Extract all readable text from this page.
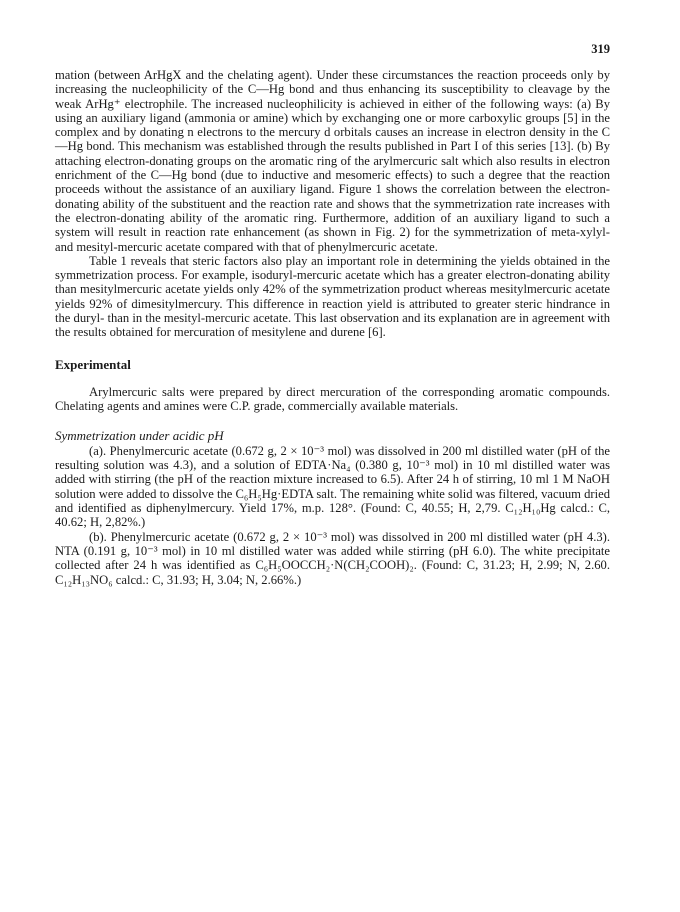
319

mation (between ArHgX and the chelating agent). Under these circumstances the reaction proceeds only by increasing the nucleophilicity of the C—Hg bond and thus enhancing its susceptibility to cleavage by the weak ArHg⁺ electrophile. The increased nucleophilicity is achieved in either of the following ways: (a) By using an auxiliary ligand (ammonia or amine) which by exchanging one or more carboxylic groups [5] in the complex and by donating n electrons to the mercury d orbitals causes an increase in electron density in the C—Hg bond. This mechanism was established through the results published in Part I of this series [13]. (b) By attaching electron-donating groups on the aromatic ring of the arylmercuric salt which also results in electron enrichment of the C—Hg bond (due to inductive and mesomeric effects) to such a degree that the reaction proceeds without the assistance of an auxiliary ligand. Figure 1 shows the correlation between the electron-donating ability of the substituent and the reaction rate and shows that the symmetrization rate increases with the electron-donating ability of the aromatic ring. Furthermore, addition of an auxiliary ligand to such a system will result in reaction rate enhancement (as shown in Fig. 2) for the symmetrization of meta-xylyl- and mesityl-mercuric acetate compared with that of phenylmercuric acetate.

Table 1 reveals that steric factors also play an important role in determining the yields obtained in the symmetrization process. For example, isoduryl-mercuric acetate which has a greater electron-donating ability than mesitylmercuric acetate yields only 42% of the symmetrization product whereas mesitylmercuric acetate yields 92% of dimesitylmercury. This difference in reaction yield is attributed to greater steric hindrance in the duryl- than in the mesityl-mercuric acetate. This last observation and its explanation are in agreement with the results obtained for mercuration of mesitylene and durene [6].

Experimental

Arylmercuric salts were prepared by direct mercuration of the corresponding aromatic compounds. Chelating agents and amines were C.P. grade, commercially available materials.

Symmetrization under acidic pH

(a). Phenylmercuric acetate (0.672 g, 2 × 10⁻³ mol) was dissolved in 200 ml distilled water (pH of the resulting solution was 4.3), and a solution of EDTA·Na₄ (0.380 g, 10⁻³ mol) in 10 ml distilled water was added with stirring (the pH of the reaction mixture increased to 6.5). After 24 h of stirring, 10 ml 1 M NaOH solution were added to dissolve the C₆H₅Hg·EDTA salt. The remaining white solid was filtered, vacuum dried and identified as diphenylmercury. Yield 17%, m.p. 128°. (Found: C, 40.55; H, 2,79. C₁₂H₁₀Hg calcd.: C, 40.62; H, 2,82%.)

(b). Phenylmercuric acetate (0.672 g, 2 × 10⁻³ mol) was dissolved in 200 ml distilled water (pH 4.3). NTA (0.191 g, 10⁻³ mol) in 10 ml distilled water was added while stirring (pH 6.0). The white precipitate collected after 24 h was identified as C₆H₅OOCCH₂·N(CH₂COOH)₂. (Found: C, 31.23; H, 2.99; N, 2.60. C₁₂H₁₃NO₆ calcd.: C, 31.93; H, 3.04; N, 2.66%.)
